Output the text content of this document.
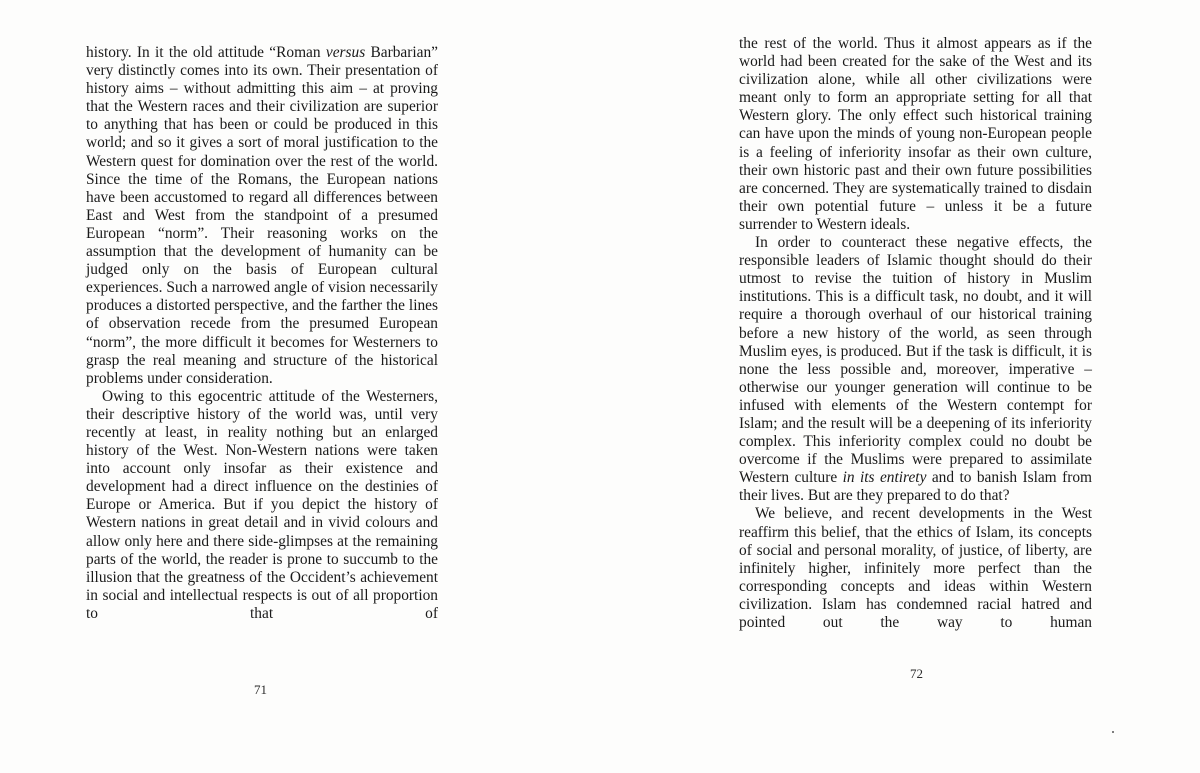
history. In it the old attitude “Roman versus Barbarian” very distinctly comes into its own. Their presentation of history aims – without admitting this aim – at proving that the Western races and their civilization are superior to anything that has been or could be produced in this world; and so it gives a sort of moral justification to the Western quest for domination over the rest of the world. Since the time of the Romans, the European nations have been accustomed to regard all differences between East and West from the standpoint of a presumed European “norm”. Their reasoning works on the assumption that the development of humanity can be judged only on the basis of European cultural experiences. Such a narrowed angle of vision necessarily produces a distorted perspective, and the farther the lines of observation recede from the presumed European “norm”, the more difficult it becomes for Westerners to grasp the real meaning and structure of the historical problems under consideration.

Owing to this egocentric attitude of the Westerners, their descriptive history of the world was, until very recently at least, in reality nothing but an enlarged history of the West. Non-Western nations were taken into account only insofar as their existence and development had a direct influence on the destinies of Europe or America. But if you depict the history of Western nations in great detail and in vivid colours and allow only here and there side-glimpses at the remaining parts of the world, the reader is prone to succumb to the illusion that the greatness of the Occident’s achievement in social and intellectual respects is out of all proportion to that of

71

the rest of the world. Thus it almost appears as if the world had been created for the sake of the West and its civilization alone, while all other civilizations were meant only to form an appropriate setting for all that Western glory. The only effect such historical training can have upon the minds of young non-European people is a feeling of inferiority insofar as their own culture, their own historic past and their own future possibilities are concerned. They are systematically trained to disdain their own potential future – unless it be a future surrender to Western ideals.

In order to counteract these negative effects, the responsible leaders of Islamic thought should do their utmost to revise the tuition of history in Muslim institutions. This is a difficult task, no doubt, and it will require a thorough overhaul of our historical training before a new history of the world, as seen through Muslim eyes, is produced. But if the task is difficult, it is none the less possible and, moreover, imperative – otherwise our younger generation will continue to be infused with elements of the Western contempt for Islam; and the result will be a deepening of its inferiority complex. This inferiority complex could no doubt be overcome if the Muslims were prepared to assimilate Western culture in its entirety and to banish Islam from their lives. But are they prepared to do that?

We believe, and recent developments in the West reaffirm this belief, that the ethics of Islam, its concepts of social and personal morality, of justice, of liberty, are infinitely higher, infinitely more perfect than the corresponding concepts and ideas within Western civilization. Islam has condemned racial hatred and pointed out the way to human

72
